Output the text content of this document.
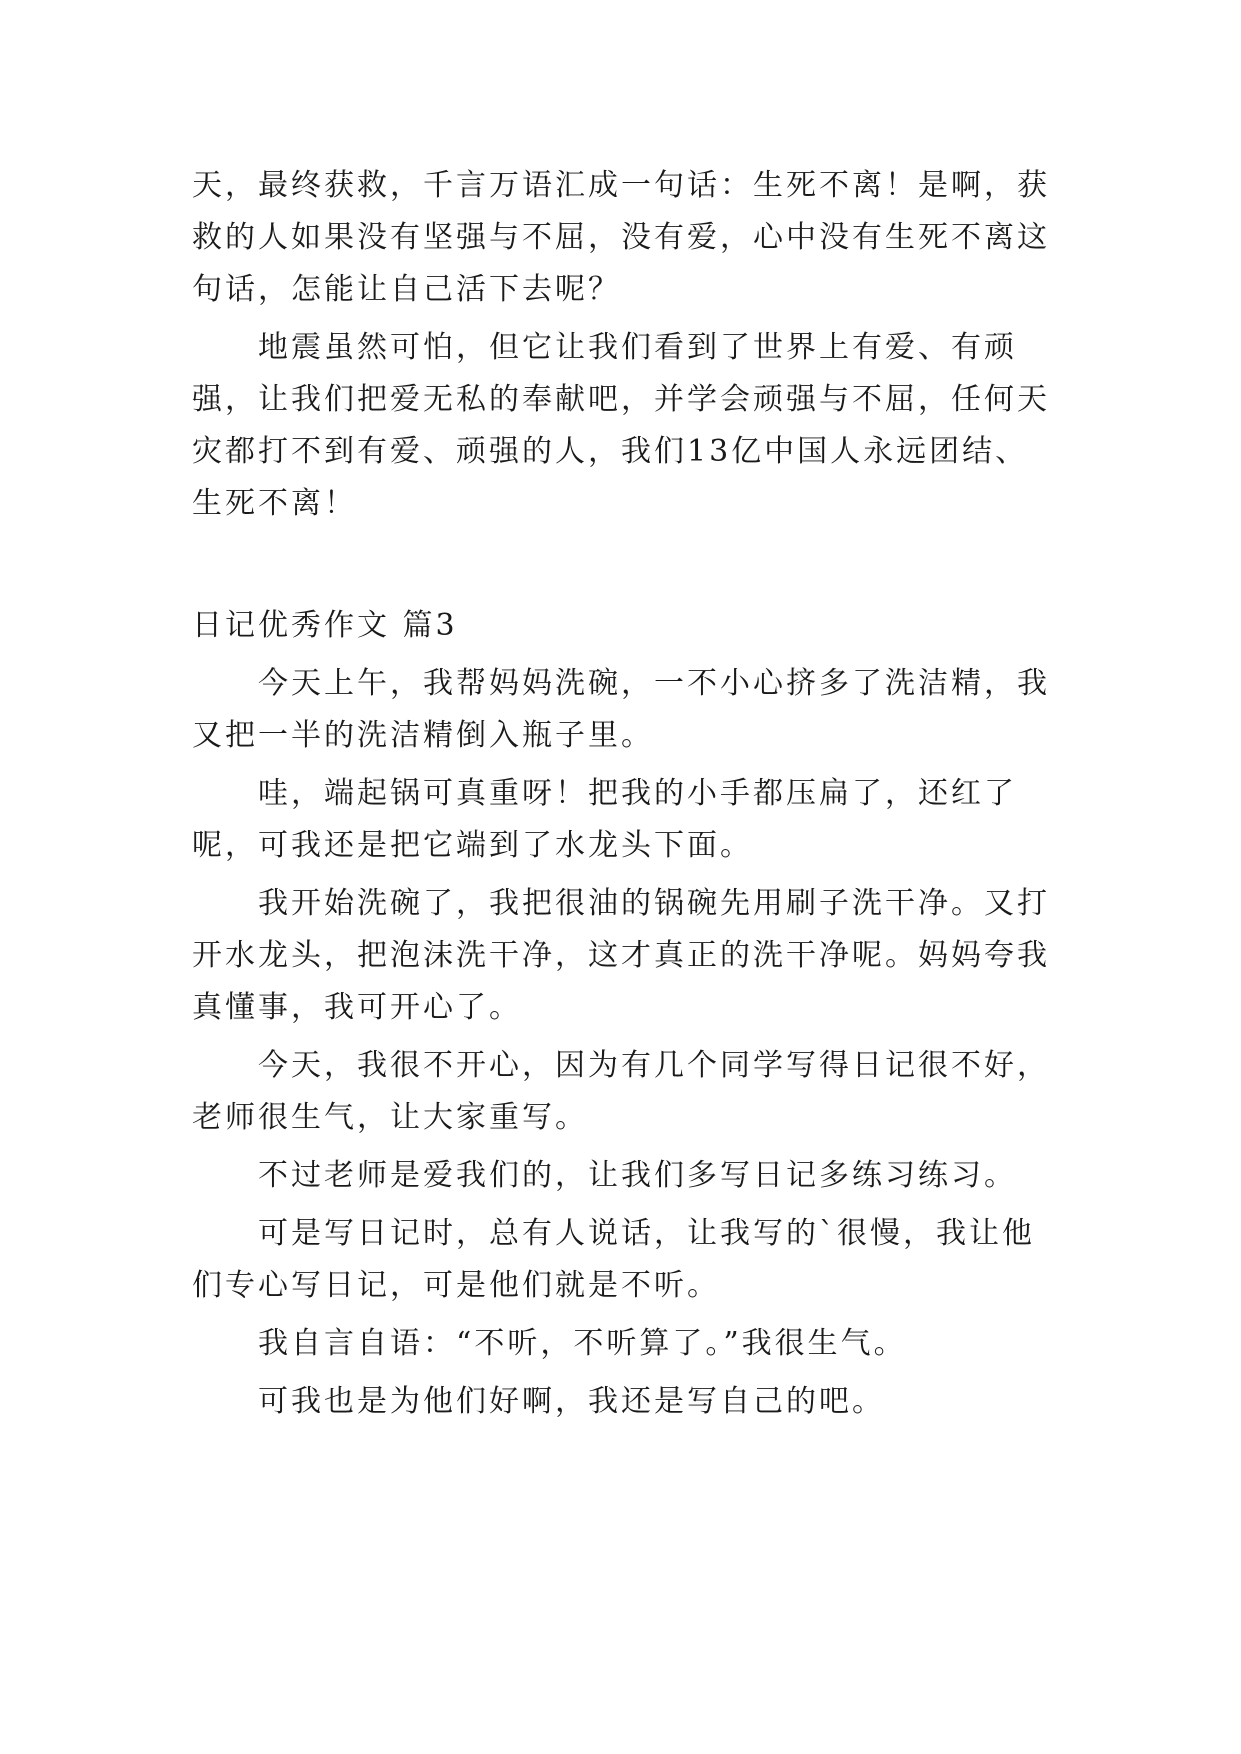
天，最终获救，千言万语汇成一句话：生死不离！是啊，获救的人如果没有坚强与不屈，没有爱，心中没有生死不离这句话，怎能让自己活下去呢？

地震虽然可怕，但它让我们看到了世界上有爱、有顽强，让我们把爱无私的奉献吧，并学会顽强与不屈，任何天灾都打不到有爱、顽强的人，我们13亿中国人永远团结、生死不离！

日记优秀作文 篇3

今天上午，我帮妈妈洗碗，一不小心挤多了洗洁精，我又把一半的洗洁精倒入瓶子里。

哇，端起锅可真重呀！把我的小手都压扁了，还红了呢，可我还是把它端到了水龙头下面。

我开始洗碗了，我把很油的锅碗先用刷子洗干净。又打开水龙头，把泡沫洗干净，这才真正的洗干净呢。妈妈夸我真懂事，我可开心了。

今天，我很不开心，因为有几个同学写得日记很不好，老师很生气，让大家重写。

不过老师是爱我们的，让我们多写日记多练习练习。

可是写日记时，总有人说话，让我写的`很慢，我让他们专心写日记，可是他们就是不听。

我自言自语：“不听，不听算了。”我很生气。

可我也是为他们好啊，我还是写自己的吧。
